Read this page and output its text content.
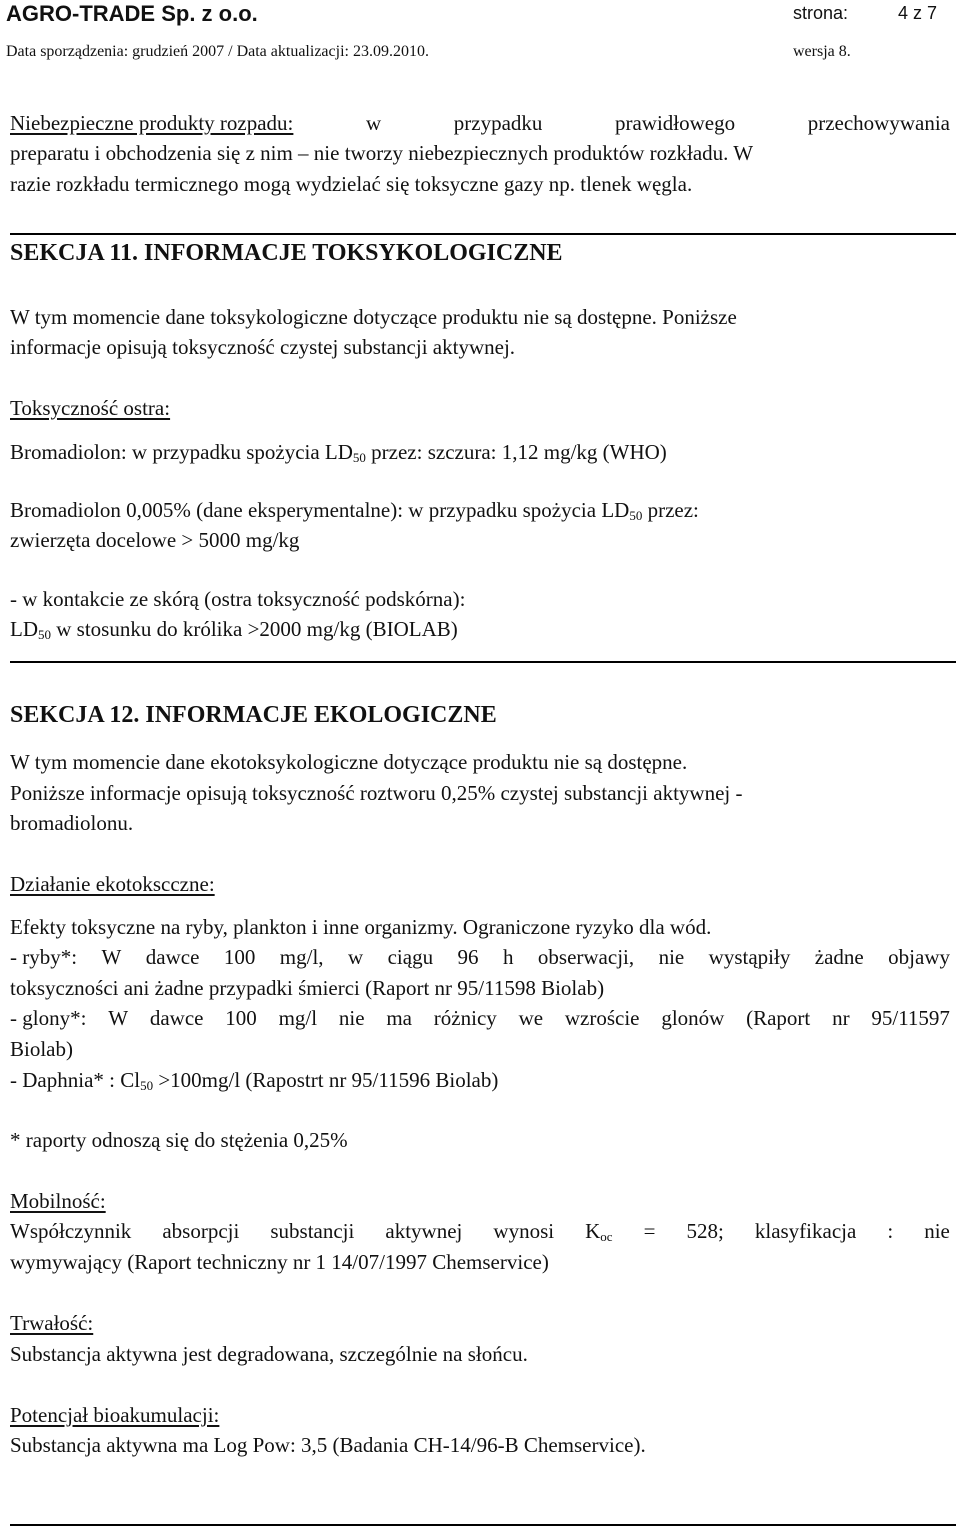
AGRO-TRADE Sp. z o.o.	strona:	4 z 7
Data sporządzenia: grudzień 2007 / Data aktualizacji: 23.09.2010.	wersja 8.
Niebezpieczne produkty rozpadu:	w	przypadku	prawidłowego	przechowywania
preparatu i obchodzenia się z nim – nie tworzy niebezpiecznych produktów rozkładu. W
razie rozkładu termicznego mogą wydzielać się toksyczne gazy np. tlenek węgla.
SEKCJA 11. INFORMACJE TOKSYKOLOGICZNE
W tym momencie dane toksykologiczne dotyczące produktu nie są dostępne. Poniższe
informacje opisują toksyczność czystej substancji aktywnej.
Toksyczność ostra:
Bromadiolon: w przypadku spożycia $LD_{50}$ przez: szczura: 1,12 mg/kg (WHO)
Bromadiolon 0,005% (dane eksperymentalne): w przypadku spożycia $LD_{50}$ przez:
zwierzęta docelowe > 5000 mg/kg
- w kontakcie ze skórą (ostra toksyczność podskórna):
$LD_{50}$ w stosunku do królika >2000 mg/kg (BIOLAB)
SEKCJA 12. INFORMACJE EKOLOGICZNE
W tym momencie dane ekotoksykologiczne dotyczące produktu nie są dostępne.
Poniższe informacje opisują toksyczność roztworu 0,25% czystej substancji aktywnej -
bromadiolonu.
Działanie ekotokscczne:
Efekty toksyczne na ryby, plankton i inne organizmy. Ograniczone ryzyko dla wód.
- ryby*: W dawce 100 mg/l, w ciągu 96 h obserwacji, nie wystąpiły żadne objawy
toksyczności ani żadne przypadki śmierci (Raport nr 95/11598 Biolab)
- glony*: W dawce 100 mg/l nie ma różnicy we wzroście glonów (Raport nr 95/11597
Biolab)
- Daphnia* : $Cl_{50} >100mg/l$ (Rapostrt nr 95/11596 Biolab)
* raporty odnoszą się do stężenia 0,25%
Mobilność:
Współczynnik absorpcji substancji aktywnej wynosi $K_{oc} = 528$; klasyfikacja : nie
wymywający (Raport techniczny nr 1 14/07/1997 Chemservice)
Trwałość:
Substancja aktywna jest degradowana, szczególnie na słońcu.
Potencjał bioakumulacji:
Substancja aktywna ma Log Pow: 3,5 (Badania CH-14/96-B Chemservice).
